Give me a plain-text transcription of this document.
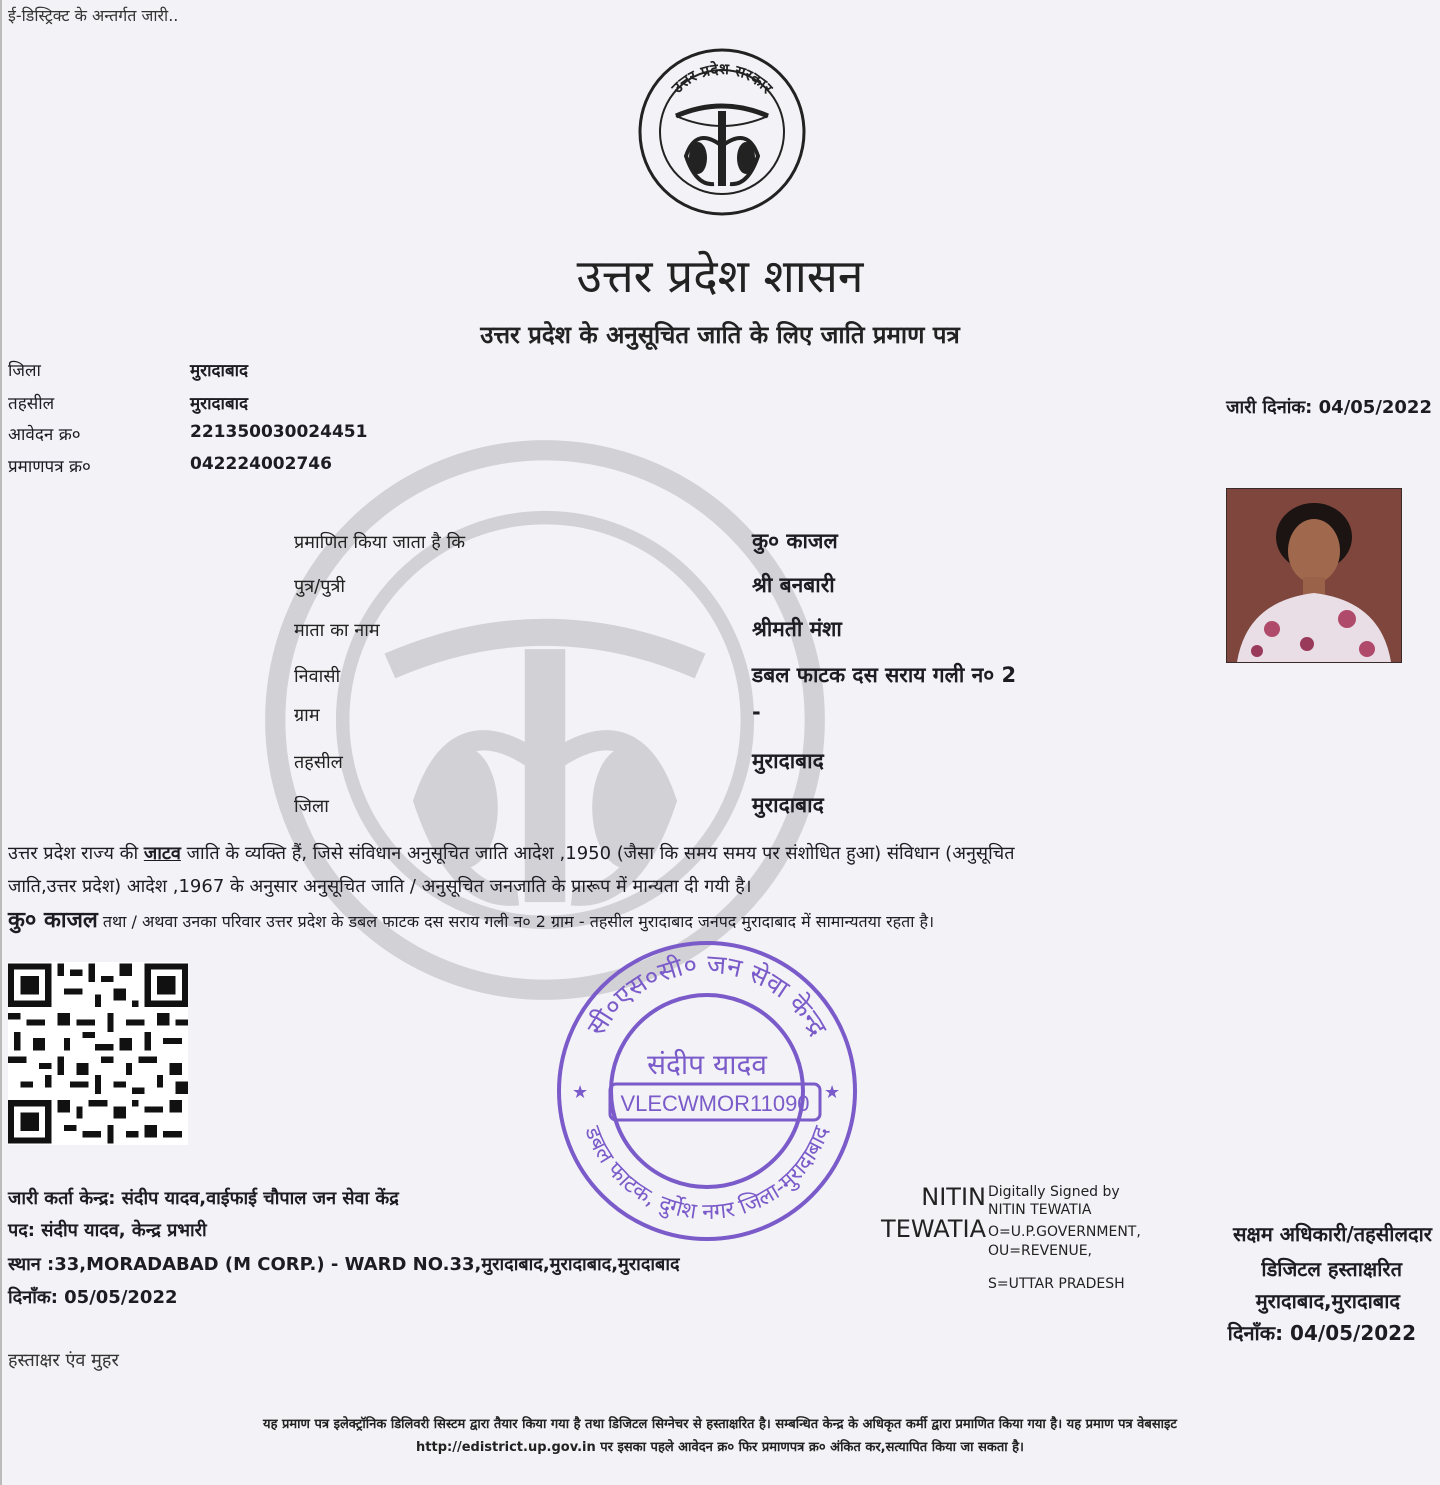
ई-डिस्ट्रिक्ट के अन्तर्गत जारी..
उत्तर प्रदेश सरकार
उत्तर प्रदेश शासन
उत्तर प्रदेश के अनुसूचित जाति के लिए जाति प्रमाण पत्र
जिला	मुरादाबाद
तहसील	मुरादाबाद
आवेदन क्र०	221350030024451
प्रमाणपत्र क्र०	042224002746
जारी दिनांक: 04/05/2022
प्रमाणित किया जाता है कि	कु० काजल
पुत्र/पुत्री	श्री बनबारी
माता का नाम	श्रीमती मंशा
निवासी	डबल फाटक दस सराय गली न० 2
ग्राम	-
तहसील	मुरादाबाद
जिला	मुरादाबाद
उत्तर प्रदेश राज्य की जाटव जाति के व्यक्ति हैं, जिसे संविधान अनुसूचित जाति आदेश ,1950 (जैसा कि समय समय पर संशोधित हुआ) संविधान (अनुसूचित
जाति,उत्तर प्रदेश) आदेश ,1967 के अनुसार अनुसूचित जाति / अनुसूचित जनजाति के प्रारूप में मान्यता दी गयी है।
कु० काजल तथा / अथवा उनका परिवार उत्तर प्रदेश के डबल फाटक दस सराय गली न० 2 ग्राम - तहसील मुरादाबाद जनपद मुरादाबाद में सामान्यतया रहता है।
सी०एस०सी० जन सेवा केन्द्र
डबल फाटक, दुर्गेश नगर जिला-मुरादाबाद
★	★
संदीप यादव
VLECWMOR11090
जारी कर्ता केन्द्र: संदीप यादव,वाईफाई चौपाल जन सेवा केंद्र
पद: संदीप यादव, केन्द्र प्रभारी
स्थान :33,MORADABAD (M CORP.) - WARD NO.33,मुरादाबाद,मुरादाबाद,मुरादाबाद
दिनाँक: 05/05/2022
NITIN
TEWATIA
Digitally Signed by
NITIN TEWATIA
O=U.P.GOVERNMENT,
OU=REVENUE,
S=UTTAR PRADESH
सक्षम अधिकारी/तहसीलदार
डिजिटल हस्ताक्षरित
मुरादाबाद,मुरादाबाद
दिनाँक: 04/05/2022
हस्ताक्षर एंव मुहर
यह प्रमाण पत्र इलेक्ट्रॉनिक डिलिवरी सिस्टम द्वारा तैयार किया गया है तथा डिजिटल सिग्नेचर से हस्ताक्षरित है। सम्बन्धित केन्द्र के अधिकृत कर्मी द्वारा प्रमाणित किया गया है। यह प्रमाण पत्र वेबसाइट
http://edistrict.up.gov.in पर इसका पहले आवेदन क्र० फिर प्रमाणपत्र क्र० अंकित कर,सत्यापित किया जा सकता है।
